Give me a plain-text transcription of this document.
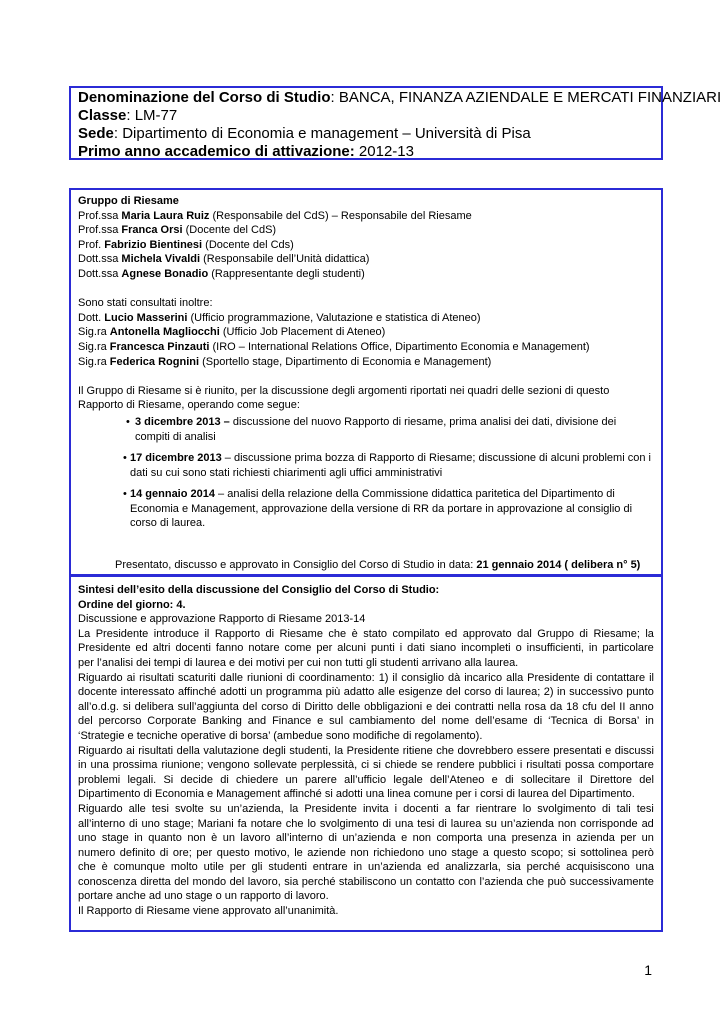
Denominazione del Corso di Studio: BANCA, FINANZA AZIENDALE E MERCATI FINANZIARI
Classe: LM-77
Sede: Dipartimento di Economia e management – Università di Pisa
Primo anno accademico di attivazione: 2012-13
Gruppo di Riesame
Prof.ssa Maria Laura Ruiz (Responsabile del CdS) – Responsabile del Riesame
Prof.ssa Franca Orsi (Docente del CdS)
Prof. Fabrizio Bientinesi (Docente del Cds)
Dott.ssa Michela Vivaldi (Responsabile dell’Unità didattica)
Dott.ssa Agnese Bonadio (Rappresentante degli studenti)
Sono stati consultati inoltre:
Dott. Lucio Masserini (Ufficio programmazione, Valutazione e statistica di Ateneo)
Sig.ra Antonella Magliocchi (Ufficio Job Placement di Ateneo)
Sig.ra Francesca Pinzauti (IRO – International Relations Office, Dipartimento Economia e Management)
Sig.ra Federica Rognini (Sportello stage, Dipartimento di Economia e Management)
Il Gruppo di Riesame si è riunito, per la discussione degli argomenti riportati nei quadri delle sezioni di questo
Rapporto di Riesame, operando come segue:
• 3 dicembre 2013 – discussione del nuovo Rapporto di riesame, prima analisi dei dati, divisione dei
compiti di analisi
• 17 dicembre 2013 – discussione prima bozza di Rapporto di Riesame; discussione di alcuni problemi con i
dati su cui sono stati richiesti chiarimenti agli uffici amministrativi
• 14 gennaio 2014 – analisi della relazione della Commissione didattica paritetica del Dipartimento di
Economia e Management, approvazione della versione di RR da portare in approvazione al consiglio di
corso di laurea.
Presentato, discusso e approvato in Consiglio del Corso di Studio in data: 21 gennaio 2014 ( delibera n° 5)
Sintesi dell’esito della discussione del Consiglio del Corso di Studio:
Ordine del giorno: 4.
Discussione e approvazione Rapporto di Riesame 2013-14
La Presidente introduce il Rapporto di Riesame che è stato compilato ed approvato dal Gruppo di Riesame; la
Presidente ed altri docenti fanno notare come per alcuni punti i dati siano incompleti o insufficienti, in particolare
per l’analisi dei tempi di laurea e dei motivi per cui non tutti gli studenti arrivano alla laurea.
Riguardo ai risultati scaturiti dalle riunioni di coordinamento: 1) il consiglio dà incarico alla Presidente di contattare il
docente interessato affinché adotti un programma più adatto alle esigenze del corso di laurea; 2) in successivo punto
all’o.d.g. si delibera sull’aggiunta del corso di Diritto delle obbligazioni e dei contratti nella rosa da 18 cfu del II anno
del percorso Corporate Banking and Finance e sul cambiamento del nome dell’esame di ‘Tecnica di Borsa’ in
‘Strategie e tecniche operative di borsa’ (ambedue sono modifiche di regolamento).
Riguardo ai risultati della valutazione degli studenti, la Presidente ritiene che dovrebbero essere presentati e discussi
in una prossima riunione; vengono sollevate perplessità, ci si chiede se rendere pubblici i risultati possa comportare
problemi legali. Si decide di chiedere un parere all’ufficio legale dell’Ateneo e di sollecitare il Direttore del
Dipartimento di Economia e Management affinché si adotti una linea comune per i corsi di laurea del Dipartimento.
Riguardo alle tesi svolte su un’azienda, la Presidente invita i docenti a far rientrare lo svolgimento di tali tesi
all’interno di uno stage; Mariani fa notare che lo svolgimento di una tesi di laurea su un’azienda non corrisponde ad
uno stage in quanto non è un lavoro all’interno di un’azienda e non comporta una presenza in azienda per un
numero definito di ore; per questo motivo, le aziende non richiedono uno stage a questo scopo; si sottolinea però
che è comunque molto utile per gli studenti entrare in un’azienda ed analizzarla, sia perché acquisiscono una
conoscenza diretta del mondo del lavoro, sia perché stabiliscono un contatto con l’azienda che può successivamente
portare anche ad uno stage o un rapporto di lavoro.
Il Rapporto di Riesame viene approvato all’unanimità.
1
